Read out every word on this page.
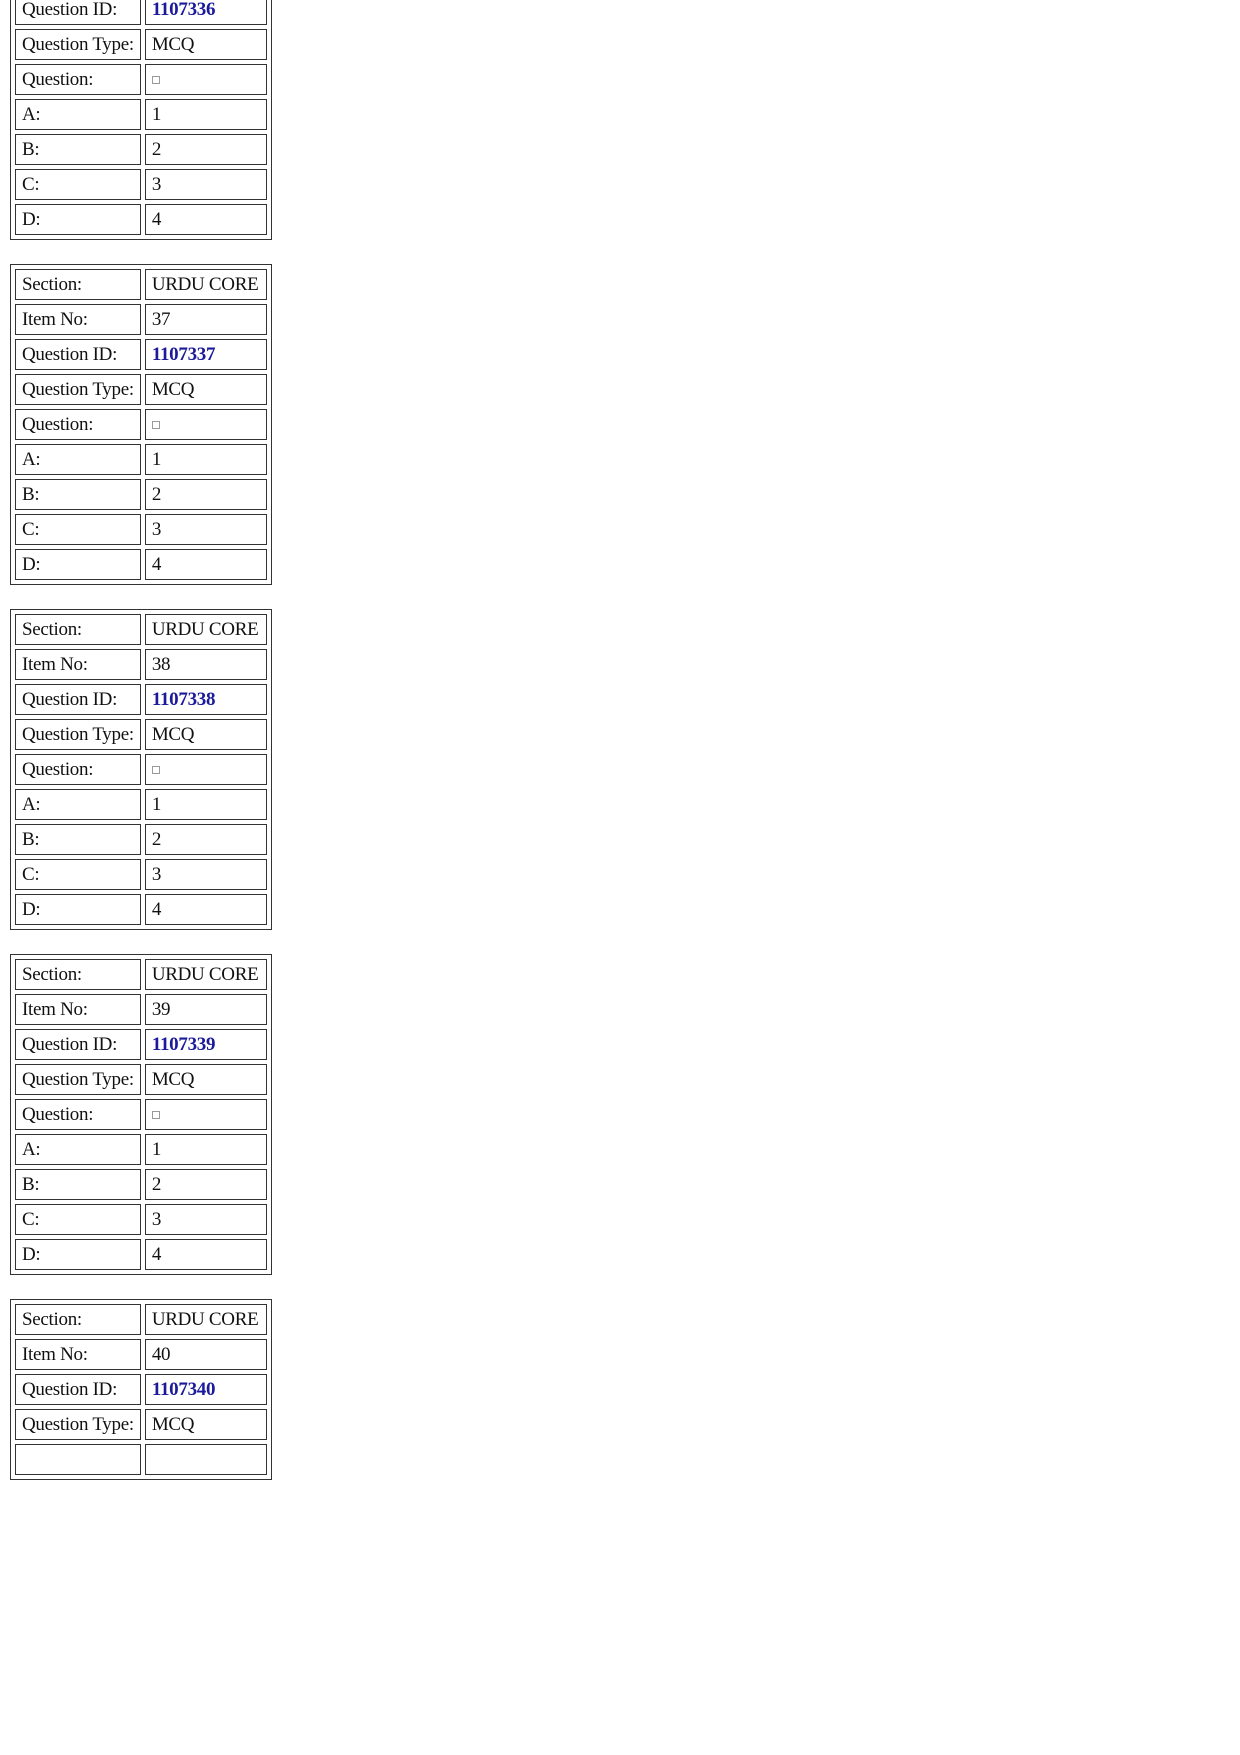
Question ID:	1107336
Question Type:	MCQ
Question:	
A:	1
B:	2
C:	3
D:	4
Section:	URDU CORE
Item No:	37
Question ID:	1107337
Question Type:	MCQ
Question:	
A:	1
B:	2
C:	3
D:	4
Section:	URDU CORE
Item No:	38
Question ID:	1107338
Question Type:	MCQ
Question:	
A:	1
B:	2
C:	3
D:	4
Section:	URDU CORE
Item No:	39
Question ID:	1107339
Question Type:	MCQ
Question:	
A:	1
B:	2
C:	3
D:	4
Section:	URDU CORE
Item No:	40
Question ID:	1107340
Question Type:	MCQ
